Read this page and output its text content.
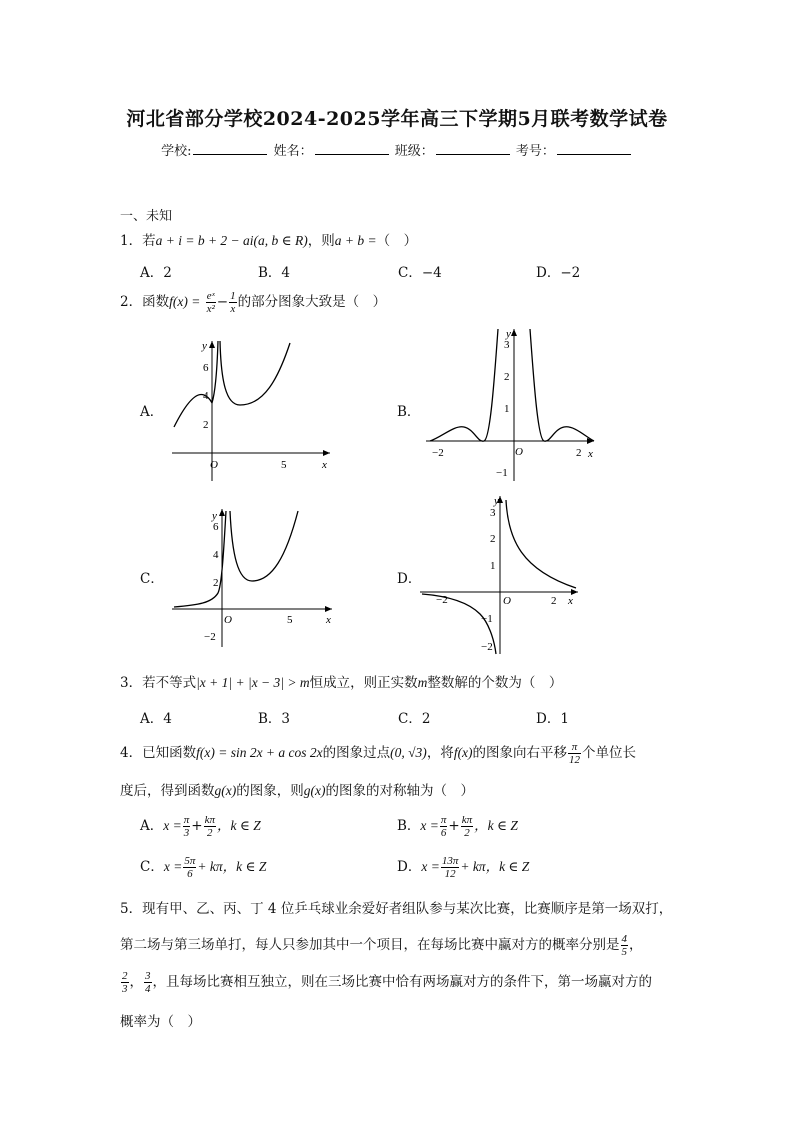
河北省部分学校2024-2025学年高三下学期5月联考数学试卷
学校:	姓名：	班级：	考号：
一、未知
1．若a + i = b + 2 − ai(a, b ∈ R)，则a + b =（　）
A．2	B．4	C．−4	D．−2
2．函数$f(x) = \frac{\text{eˣ}}{\text{x²}} - \frac{1}{x}$ 的部分图象大致是（　）
A．	B．
C．	D．
y
x
O
6
4
2
5
y
x
O
3
2
1
−1
−2	2
y
x
O
6
4
2
−2
5
y
x
O
3
2
1
−1
−2
−2	2
3．若不等式|x + 1| + |x − 3| > m恒成立，则正实数m整数解的个数为（　）
A．4	B．3	C．2	D．1
4．已知函数f(x) = sin 2x + a cos 2x的图象过点(0, √3)，将f(x)的图象向右平移 $\frac{\pi}{12}$ 个单位长
度后，得到函数g(x)的图象，则g(x)的图象的对称轴为（　）
A．$x = \frac{\pi}{3} + \frac{k\pi}{2}$ ，k ∈ Z	B．$x = \frac{\pi}{6} + \frac{k\pi}{2}$ ，k ∈ Z
C．$x = \frac{5\pi}{6} + k\pi$，k ∈ Z	D．$x = \frac{13\pi}{12} + k\pi$，k ∈ Z
5．现有甲、乙、丙、丁 4 位乒乓球业余爱好者组队参与某次比赛，比赛顺序是第一场双打，
第二场与第三场单打，每人只参加其中一个项目，在每场比赛中赢对方的概率分别是 $\frac{4}{5}$ ，
$\frac{2}{3}$ ， $\frac{3}{4}$ ，且每场比赛相互独立，则在三场比赛中恰有两场赢对方的条件下，第一场赢对方的
概率为（　）
